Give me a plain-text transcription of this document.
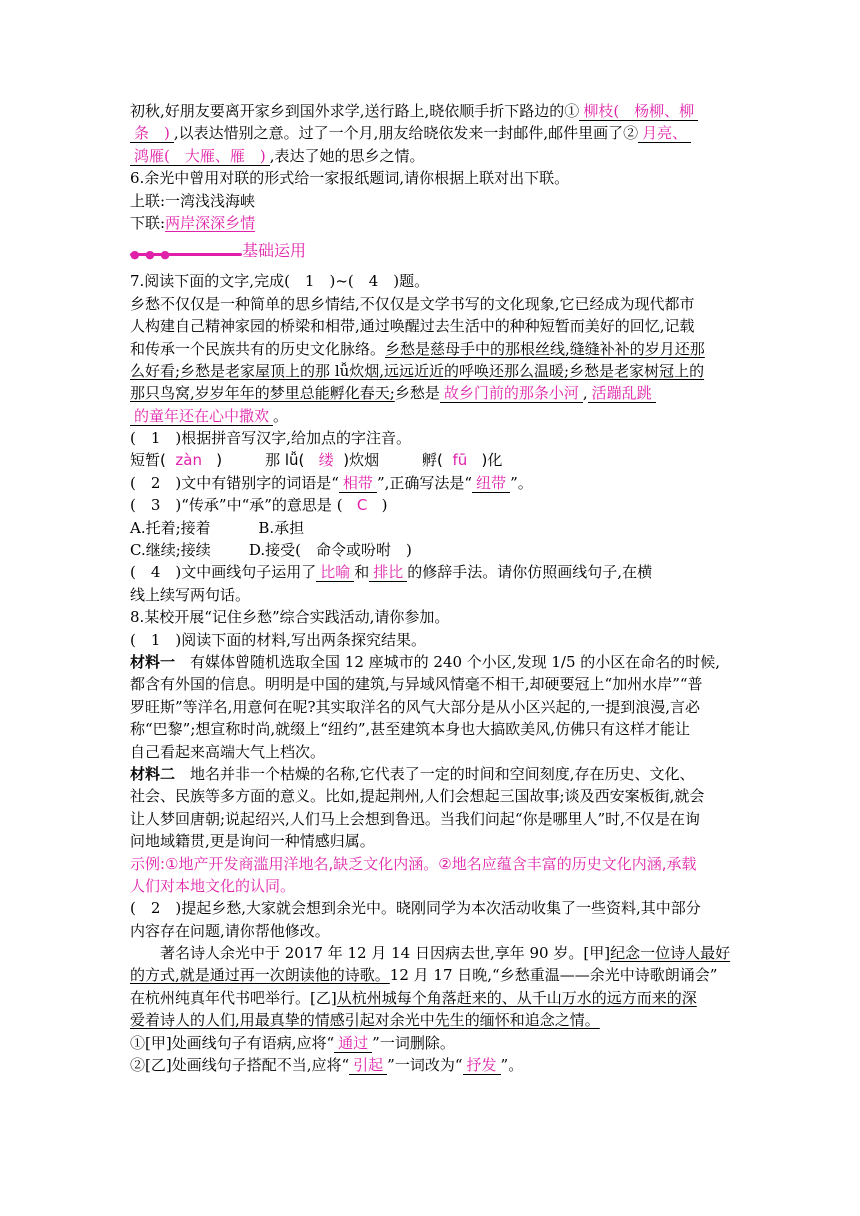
初秋,好朋友要离开家乡到国外求学,送行路上,晓依顺手折下路边的① 柳枝(　杨柳、柳
条　) ,以表达惜别之意。过了一个月,朋友给晓依发来一封邮件,邮件里画了② 月亮、
鸿雁(　大雁、雁　) ,表达了她的思乡之情。
6.余光中曾用对联的形式给一家报纸题词,请你根据上联对出下联。
上联:一湾浅浅海峡
下联:两岸深深乡情
基础运用
7.阅读下面的文字,完成(　1　)~(　4　)题。
乡愁不仅仅是一种简单的思乡情结,不仅仅是文学书写的文化现象,它已经成为现代都市
人构建自己精神家园的桥梁和相带,通过唤醒过去生活中的种种短暂而美好的回忆,记载
和传承一个民族共有的历史文化脉络。乡愁是慈母手中的那根丝线,缝缝补补的岁月还那
么好看;乡愁是老家屋顶上的那 lǚ炊烟,远远近近的呼唤还那么温暖;乡愁是老家树冠上的
那只鸟窝,岁岁年年的梦里总能孵化春天;乡愁是 故乡门前的那条小河 , 活蹦乱跳
的童年还在心中撒欢 。
(　1　)根据拼音写汉字,给加点的字注音。
短暂( zàn )	那 lǚ( 缕 )炊烟	孵( fū )化
(　2　)文中有错别字的词语是“ 相带 ”,正确写法是“ 纽带 ”。
(　3　)“传承”中“承”的意思是 ( C )
A.托着;接着	B.承担
C.继续;接续	D.接受(　命令或吩咐　)
(　4　)文中画线句子运用了 比喻 和 排比 的修辞手法。请你仿照画线句子,在横
线上续写两句话。
8.某校开展“记住乡愁”综合实践活动,请你参加。
(　1　)阅读下面的材料,写出两条探究结果。
材料一　有媒体曾随机选取全国 12 座城市的 240 个小区,发现 1/5 的小区在命名的时候,
都含有外国的信息。明明是中国的建筑,与异域风情毫不相干,却硬要冠上“加州水岸”“普
罗旺斯”等洋名,用意何在呢?其实取洋名的风气大部分是从小区兴起的,一提到浪漫,言必
称“巴黎”;想宣称时尚,就缀上“纽约”,甚至建筑本身也大搞欧美风,仿佛只有这样才能让
自己看起来高端大气上档次。
材料二　地名并非一个枯燥的名称,它代表了一定的时间和空间刻度,存在历史、文化、
社会、民族等多方面的意义。比如,提起荆州,人们会想起三国故事;谈及西安案板街,就会
让人梦回唐朝;说起绍兴,人们马上会想到鲁迅。当我们问起“你是哪里人”时,不仅是在询
问地域籍贯,更是询问一种情感归属。
示例:①地产开发商滥用洋地名,缺乏文化内涵。②地名应蕴含丰富的历史文化内涵,承载
人们对本地文化的认同。
(　2　)提起乡愁,大家就会想到余光中。晓刚同学为本次活动收集了一些资料,其中部分
内容存在问题,请你帮他修改。
著名诗人余光中于 2017 年 12 月 14 日因病去世,享年 90 岁。[甲]纪念一位诗人最好
的方式,就是通过再一次朗读他的诗歌。12 月 17 日晚,“乡愁重温——余光中诗歌朗诵会”
在杭州纯真年代书吧举行。[乙]从杭州城每个角落赶来的、从千山万水的远方而来的深
爱着诗人的人们,用最真挚的情感引起对余光中先生的缅怀和追念之情。
①[甲]处画线句子有语病,应将“ 通过 ”一词删除。
②[乙]处画线句子搭配不当,应将“ 引起 ”一词改为“ 抒发 ”。
